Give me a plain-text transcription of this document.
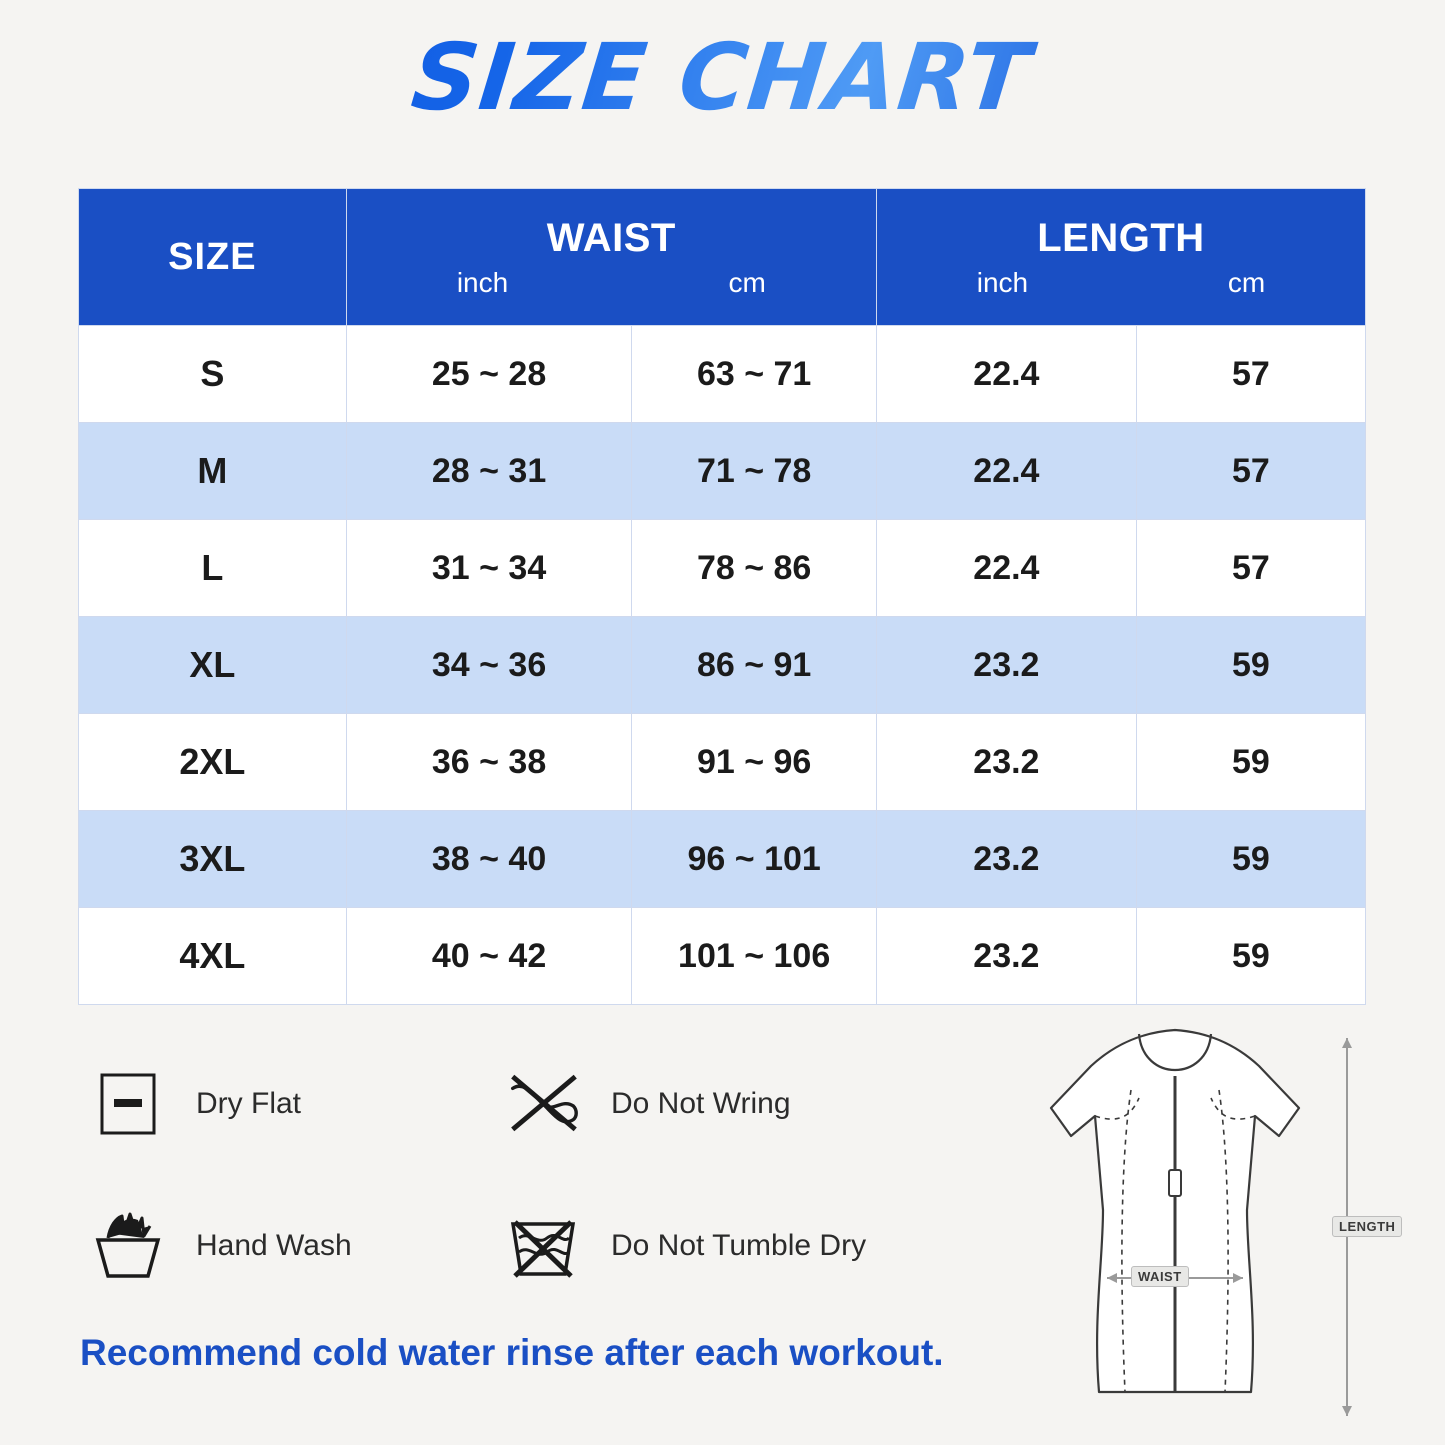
SIZE CHART
SIZE	WAIST
inch	cm

LENGTH
inch	cm

S	25 ~ 28	63 ~ 71	22.4	57
M	28 ~ 31	71 ~ 78	22.4	57
L	31 ~ 34	78 ~ 86	22.4	57
XL	34 ~ 36	86 ~ 91	23.2	59
2XL	36 ~ 38	91 ~ 96	23.2	59
3XL	38 ~ 40	96 ~ 101	23.2	59
4XL	40 ~ 42	101 ~ 106	23.2	59
Dry Flat	Do Not Wring
Hand Wash	Do Not Tumble Dry
Recommend cold water rinse after each workout.
WAIST
LENGTH
